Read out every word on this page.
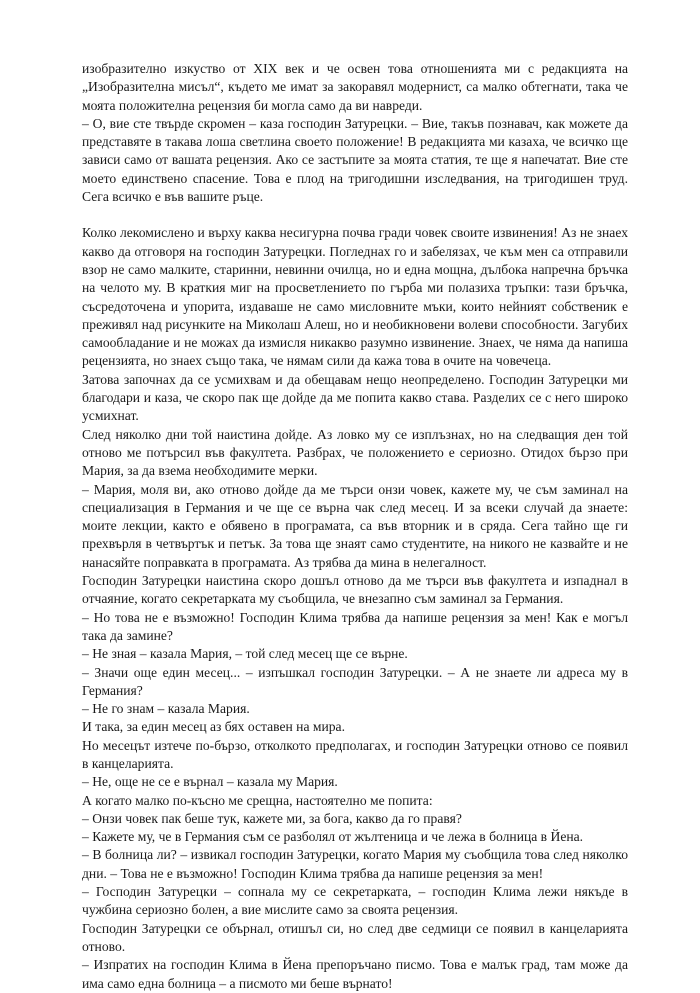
изобразително изкуство от XIX век и че освен това отношенията ми с редакцията на „Изобразителна мисъл“, където ме имат за закоравял модернист, са малко обтегнати, така че моята положителна рецензия би могла само да ви навреди.

– О, вие сте твърде скромен – каза господин Затурецки. – Вие, такъв познавач, как можете да представяте в такава лоша светлина своето положение! В редакцията ми казаха, че всичко ще зависи само от вашата рецензия. Ако се застъпите за моята статия, те ще я напечатат. Вие сте моето единствено спасение. Това е плод на тригодишни изследвания, на тригодишен труд. Сега всичко е във вашите ръце.

Колко лекомислено и върху каква несигурна почва гради човек своите извинения! Аз не знаех какво да отговоря на господин Затурецки. Погледнах го и забелязах, че към мен са отправили взор не само малките, старинни, невинни очилца, но и една мощна, дълбока напречна бръчка на челото му. В краткия миг на просветлението по гърба ми полазиха тръпки: тази бръчка, съсредоточена и упорита, издаваше не само мисловните мъки, които нейният собственик е преживял над рисунките на Миколаш Алеш, но и необикновени волеви способности. Загубих самообладание и не можах да измисля никакво разумно извинение. Знаех, че няма да напиша рецензията, но знаех също така, че нямам сили да кажа това в очите на човечеца.

Затова започнах да се усмихвам и да обещавам нещо неопределено. Господин Затурецки ми благодари и каза, че скоро пак ще дойде да ме попита какво става. Разделих се с него широко усмихнат.

След няколко дни той наистина дойде. Аз ловко му се изплъзнах, но на следващия ден той отново ме потърсил във факултета. Разбрах, че положението е сериозно. Отидох бързо при Мария, за да взема необходимите мерки.

– Мария, моля ви, ако отново дойде да ме търси онзи човек, кажете му, че съм заминал на специализация в Германия и че ще се върна чак след месец. И за всеки случай да знаете: моите лекции, както е обявено в програмата, са във вторник и в сряда. Сега тайно ще ги прехвърля в четвъртък и петък. За това ще знаят само студентите, на никого не казвайте и не нанасяйте поправката в програмата. Аз трябва да мина в нелегалност.

Господин Затурецки наистина скоро дошъл отново да ме търси във факултета и изпаднал в отчаяние, когато секретарката му съобщила, че внезапно съм заминал за Германия.

– Но това не е възможно! Господин Клима трябва да напише рецензия за мен! Как е могъл така да замине?

– Не зная – казала Мария, – той след месец ще се върне.

– Значи още един месец... – изпъшкал господин Затурецки. – А не знаете ли адреса му в Германия?

– Не го знам – казала Мария.

И така, за един месец аз бях оставен на мира.

Но месецът изтече по-бързо, отколкото предполагах, и господин Затурецки отново се появил в канцеларията.

– Не, още не се е върнал – казала му Мария.

А когато малко по-късно ме срещна, настоятелно ме попита:

– Онзи човек пак беше тук, кажете ми, за бога, какво да го правя?

– Кажете му, че в Германия съм се разболял от жълтеница и че лежа в болница в Йена.

– В болница ли? – извикал господин Затурецки, когато Мария му съобщила това след няколко дни. – Това не е възможно! Господин Клима трябва да напише рецензия за мен!

– Господин Затурецки – сопнала му се секретарката, – господин Клима лежи някъде в чужбина сериозно болен, а вие мислите само за своята рецензия.

Господин Затурецки се обърнал, отишъл си, но след две седмици се появил в канцеларията отново.

– Изпратих на господин Клима в Йена препоръчано писмо. Това е малък град, там може да има само една болница – а писмото ми беше върнато!
